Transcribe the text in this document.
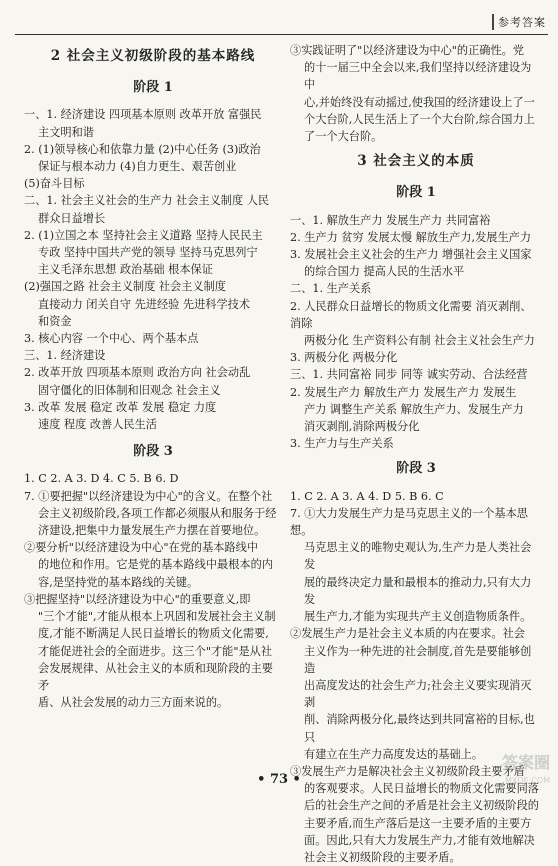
参考答案
2 社会主义初级阶段的基本路线
阶段 1
一、1. 经济建设 四项基本原则 改革开放 富强民
主文明和谐
2. (1)领导核心和依靠力量 (2)中心任务 (3)政治
保证与根本动力 (4)自力更生、艰苦创业
(5)奋斗目标
二、1. 社会主义社会的生产力 社会主义制度 人民
群众日益增长
2. (1)立国之本 坚持社会主义道路 坚持人民民主
专政 坚持中国共产党的领导 坚持马克思列宁
主义毛泽东思想 政治基础 根本保证
(2)强国之路 社会主义制度 社会主义制度
直接动力 闭关自守 先进经验 先进科学技术
和资金
3. 核心内容 一个中心、两个基本点
三、1. 经济建设
2. 改革开放 四项基本原则 政治方向 社会动乱
固守僵化的旧体制和旧观念 社会主义
3. 改革 发展 稳定 改革 发展 稳定 力度
速度 程度 改善人民生活
阶段 3
1. C 2. A 3. D 4. C 5. B 6. D
7. ①要把握"以经济建设为中心"的含义。在整个社
会主义初级阶段,各项工作都必须服从和服务于经
济建设,把集中力量发展生产力摆在首要地位。
②要分析"以经济建设为中心"在党的基本路线中
的地位和作用。它是党的基本路线中最根本的内
容,是坚持党的基本路线的关键。
③把握坚持"以经济建设为中心"的重要意义,即
"三个才能",才能从根本上巩固和发展社会主义制
度,才能不断满足人民日益增长的物质文化需要,
才能促进社会的全面进步。这三个"才能"是从社
会发展规律、从社会主义的本质和现阶段的主要矛
盾、从社会发展的动力三方面来说的。
③实践证明了"以经济建设为中心"的正确性。党
的十一届三中全会以来,我们坚持以经济建设为中
心,并始终没有动摇过,使我国的经济建设上了一
个大台阶,人民生活上了一个大台阶,综合国力上
了一个大台阶。
3 社会主义的本质
阶段 1
一、1. 解放生产力 发展生产力 共同富裕
2. 生产力 贫穷 发展太慢 解放生产力,发展生产力
3. 发展社会主义社会的生产力 增强社会主义国家
的综合国力 提高人民的生活水平
二、1. 生产关系
2. 人民群众日益增长的物质文化需要 消灭剥削、消除
两极分化 生产资料公有制 社会主义社会生产力
3. 两极分化 两极分化
三、1. 共同富裕 同步 同等 诚实劳动、合法经营
2. 发展生产力 解放生产力 发展生产力 发展生
产力 调整生产关系 解放生产力、发展生产力
消灭剥削,消除两极分化
3. 生产力与生产关系
阶段 3
1. C 2. A 3. A 4. D 5. B 6. C
7. ①大力发展生产力是马克思主义的一个基本思想。
马克思主义的唯物史观认为,生产力是人类社会发
展的最终决定力量和最根本的推动力,只有大力发
展生产力,才能为实现共产主义创造物质条件。
②发展生产力是社会主义本质的内在要求。社会
主义作为一种先进的社会制度,首先是要能够创造
出高度发达的社会生产力;社会主义要实现消灭剥
削、消除两极分化,最终达到共同富裕的目标,也只
有建立在生产力高度发达的基础上。
③发展生产力是解决社会主义初级阶段主要矛盾
的客观要求。人民日益增长的物质文化需要同落
后的社会生产之间的矛盾是社会主义初级阶段的
主要矛盾,而生产落后是这一主要矛盾的主要方
面。因此,只有大力发展生产力,才能有效地解决
社会主义初级阶段的主要矛盾。
• 73 •
答案圈
MXQE.COM
